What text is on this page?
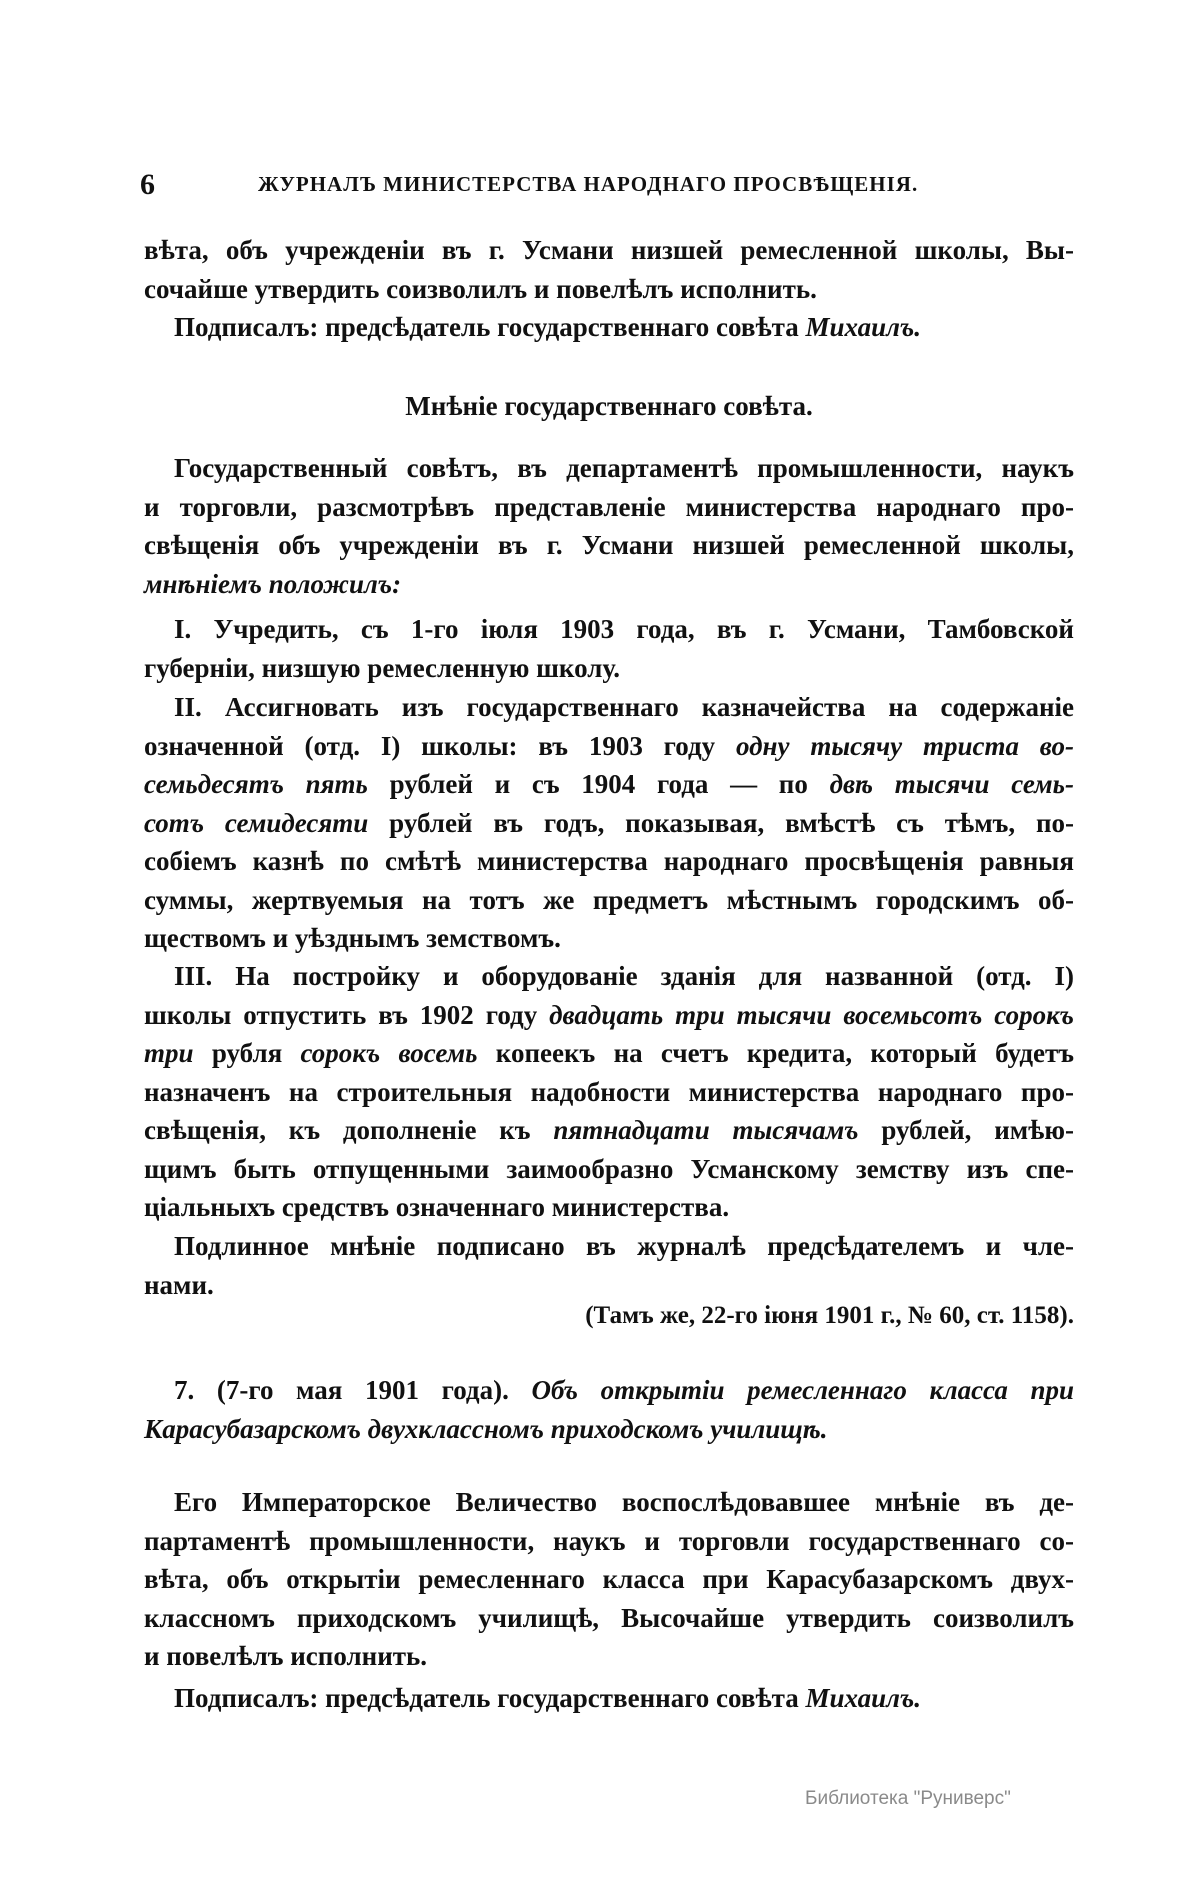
6	ЖУРНАЛЪ МИНИСТЕРСТВА НАРОДНАГО ПРОСВѢЩЕНІЯ.
вѣта, объ учрежденіи въ г. Усмани низшей ремесленной школы, Вы-
сочайше утвердить соизволилъ и повелѣлъ исполнить.
Подписалъ: предсѣдатель государственнаго совѣта Михаилъ.
Мнѣніе государственнаго совѣта.
Государственный совѣтъ, въ департаментѣ промышленности, наукъ
и торговли, разсмотрѣвъ представленіе министерства народнаго про-
свѣщенія объ учрежденіи въ г. Усмани низшей ремесленной школы,
мнѣніемъ положилъ:
I. Учредить, съ 1-го іюля 1903 года, въ г. Усмани, Тамбовской
губерніи, низшую ремесленную школу.
II. Ассигновать изъ государственнаго казначейства на содержаніе
означенной (отд. I) школы: въ 1903 году одну тысячу триста во-
семьдесятъ пять рублей и съ 1904 года — по двѣ тысячи семь-
сотъ семидесяти рублей въ годъ, показывая, вмѣстѣ съ тѣмъ, по-
собіемъ казнѣ по смѣтѣ министерства народнаго просвѣщенія равныя
суммы, жертвуемыя на тотъ же предметъ мѣстнымъ городскимъ об-
ществомъ и уѣзднымъ земствомъ.
III. На постройку и оборудованіе зданія для названной (отд. I)
школы отпустить въ 1902 году двадцать три тысячи восемьсотъ сорокъ
три рубля сорокъ восемь копеекъ на счетъ кредита, который будетъ
назначенъ на строительныя надобности министерства народнаго про-
свѣщенія, къ дополненіе къ пятнадцати тысячамъ рублей, имѣю-
щимъ быть отпущенными заимообразно Усманскому земству изъ спе-
ціальныхъ средствъ означеннаго министерства.
Подлинное мнѣніе подписано въ журналѣ предсѣдателемъ и чле-
нами.
(Тамъ же, 22-го іюня 1901 г., № 60, ст. 1158).
7. (7-го мая 1901 года). Объ открытіи ремесленнаго класса при
Карасубазарскомъ двухклассномъ приходскомъ училищѣ.
Его Императорское Величество воспослѣдовавшее мнѣніе въ де-
партаментѣ промышленности, наукъ и торговли государственнаго со-
вѣта, объ открытіи ремесленнаго класса при Карасубазарскомъ двух-
классномъ приходскомъ училищѣ, Высочайше утвердить соизволилъ
и повелѣлъ исполнить.
Подписалъ: предсѣдатель государственнаго совѣта Михаилъ.
Библиотека "Руниверс"
